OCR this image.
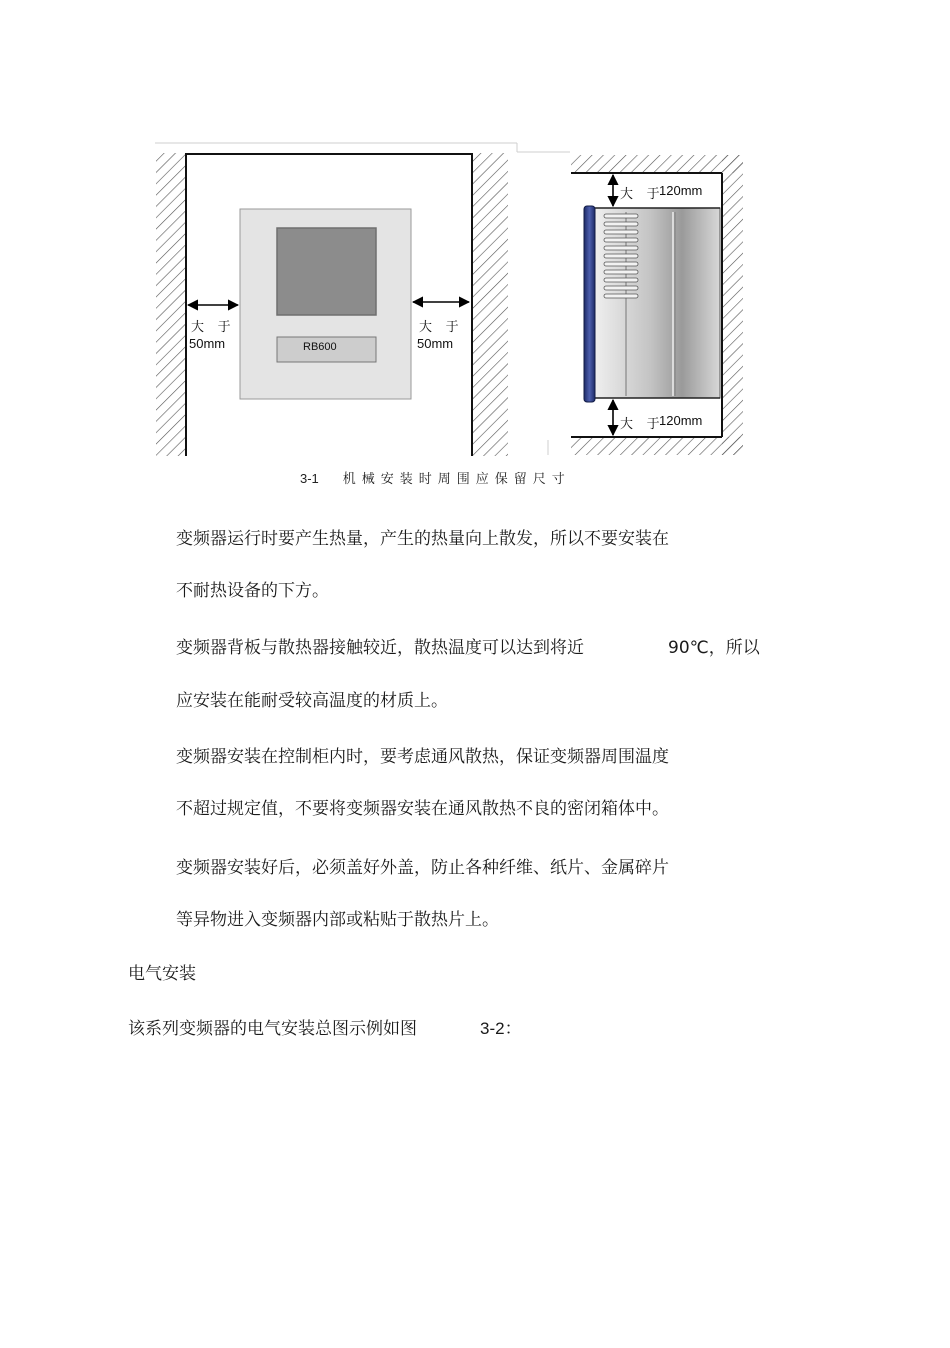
RB600
大 于
50mm
大 于
50mm
大 于
120mm
大 于
120mm
3-1 机械安装时周围应保留尺寸
变频器运行时要产生热量，产生的热量向上散发，所以不要安装在
不耐热设备的下方。
变频器背板与散热器接触较近，散热温度可以达到将近	90℃，所以
应安装在能耐受较高温度的材质上。
变频器安装在控制柜内时，要考虑通风散热，保证变频器周围温度
不超过规定值，不要将变频器安装在通风散热不良的密闭箱体中。
变频器安装好后，必须盖好外盖，防止各种纤维、纸片、金属碎片
等异物进入变频器内部或粘贴于散热片上。
电气安装
该系列变频器的电气安装总图示例如图	3-2：
